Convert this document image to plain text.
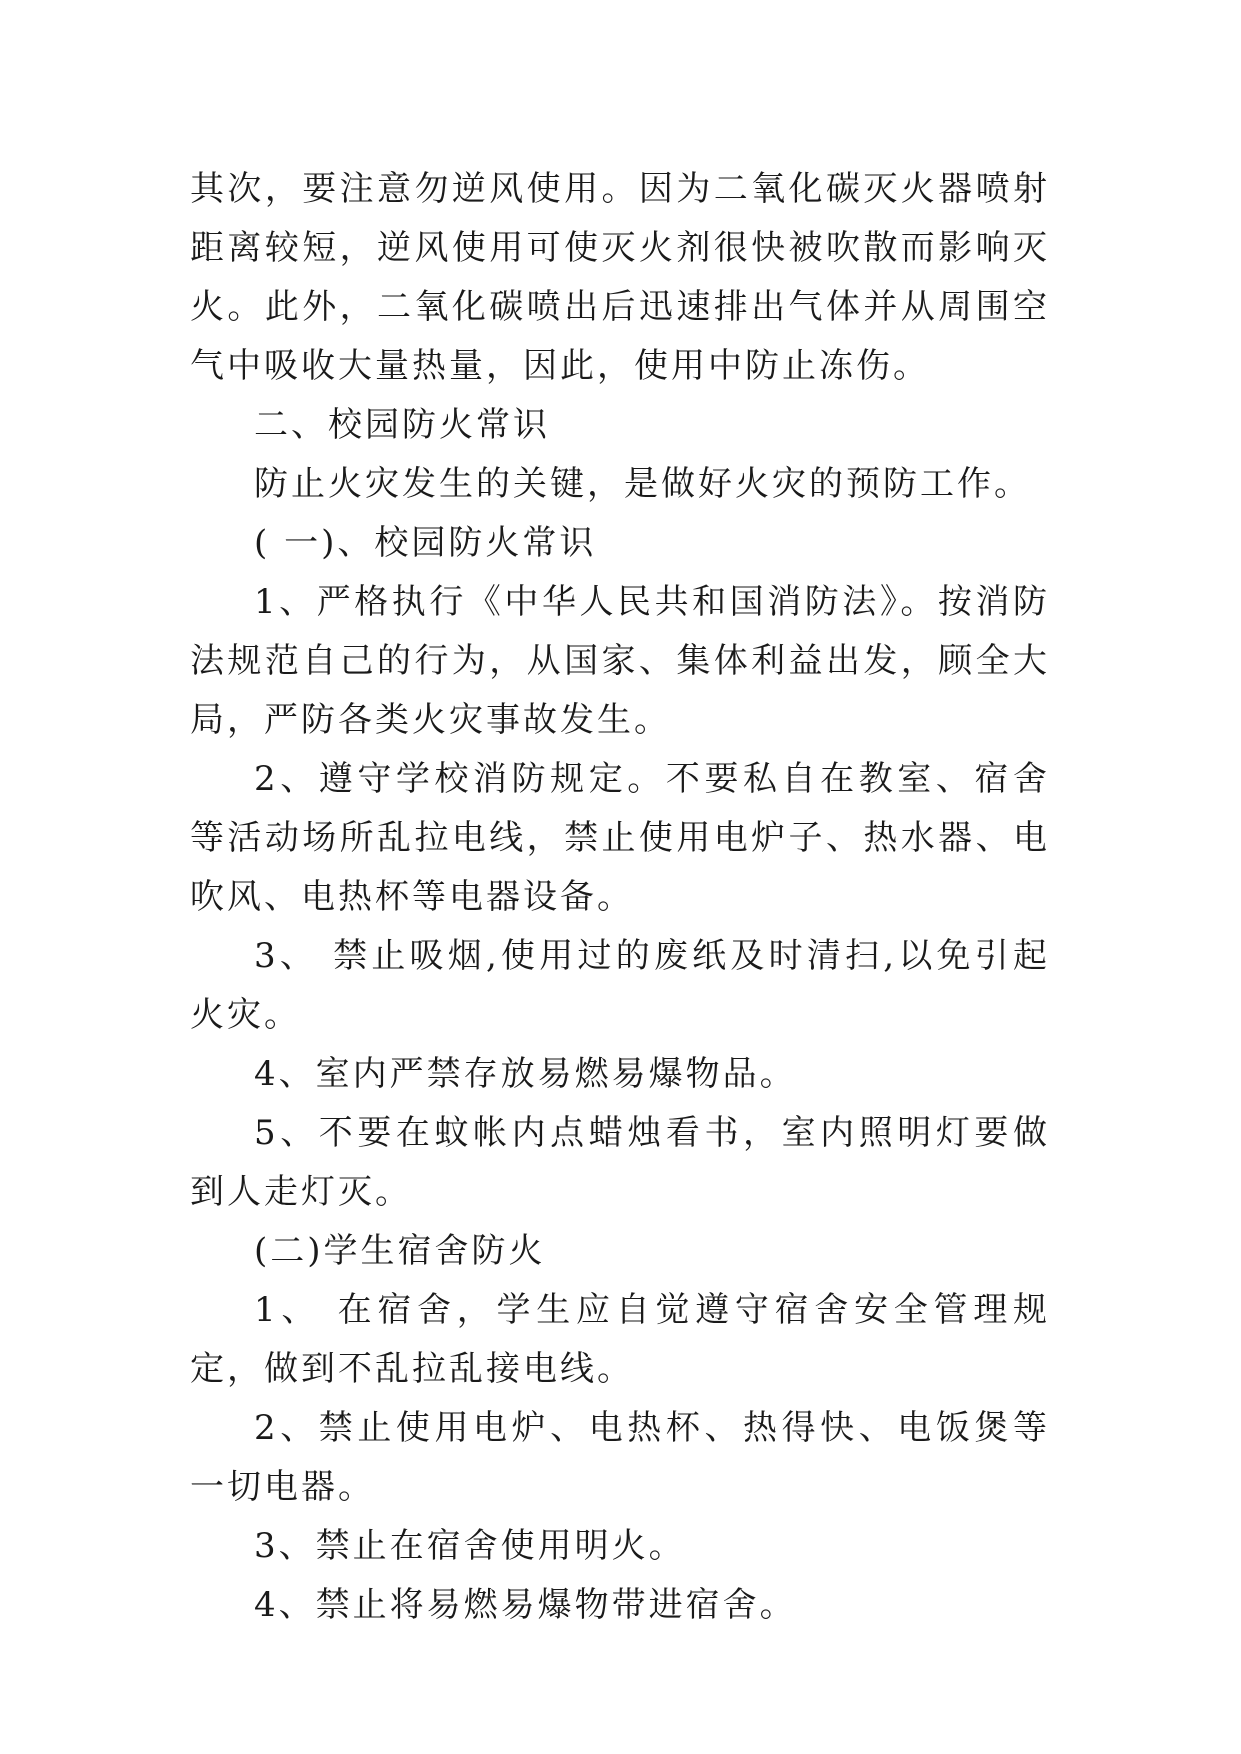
其次，要注意勿逆风使用。因为二氧化碳灭火器喷射距离较短，逆风使用可使灭火剂很快被吹散而影响灭火。此外，二氧化碳喷出后迅速排出气体并从周围空气中吸收大量热量，因此，使用中防止冻伤。

二、校园防火常识

防止火灾发生的关键，是做好火灾的预防工作。

( 一)、校园防火常识

1、严格执行《中华人民共和国消防法》。按消防法规范自己的行为，从国家、集体利益出发，顾全大局，严防各类火灾事故发生。

2、遵守学校消防规定。不要私自在教室、宿舍等活动场所乱拉电线，禁止使用电炉子、热水器、电吹风、电热杯等电器设备。

3、 禁止吸烟,使用过的废纸及时清扫,以免引起火灾。

4、室内严禁存放易燃易爆物品。

5、不要在蚊帐内点蜡烛看书，室内照明灯要做到人走灯灭。

(二)学生宿舍防火

1、 在宿舍，学生应自觉遵守宿舍安全管理规定，做到不乱拉乱接电线。

2、禁止使用电炉、电热杯、热得快、电饭煲等一切电器。

3、禁止在宿舍使用明火。

4、禁止将易燃易爆物带进宿舍。
